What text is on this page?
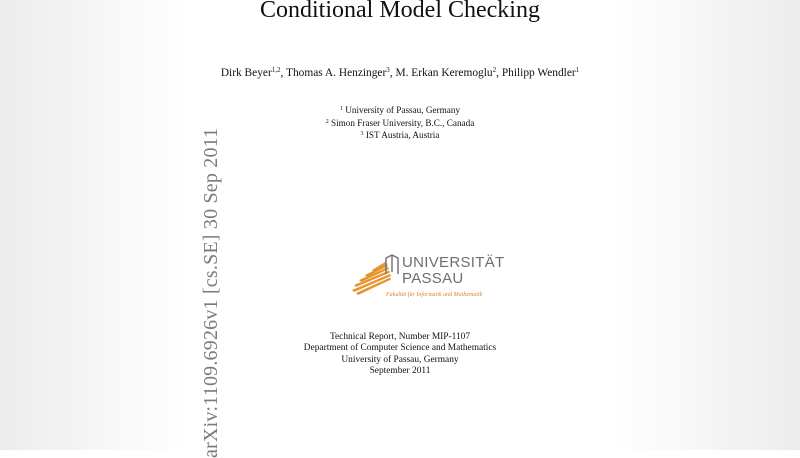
Conditional Model Checking
Dirk Beyer$^{1,2}$, Thomas A. Henzinger$^3$, M. Erkan Keremoglu$^2$, Philipp Wendler$^1$
$^1$ University of Passau, Germany
$^2$ Simon Fraser University, B.C., Canada
$^3$ IST Austria, Austria
UNIVERSITÄT
PASSAU
Fakultät für Informatik und Mathematik
Technical Report, Number MIP-1107
Department of Computer Science and Mathematics
University of Passau, Germany
September 2011
arXiv:1109.6926v1 [cs.SE] 30 Sep 2011
